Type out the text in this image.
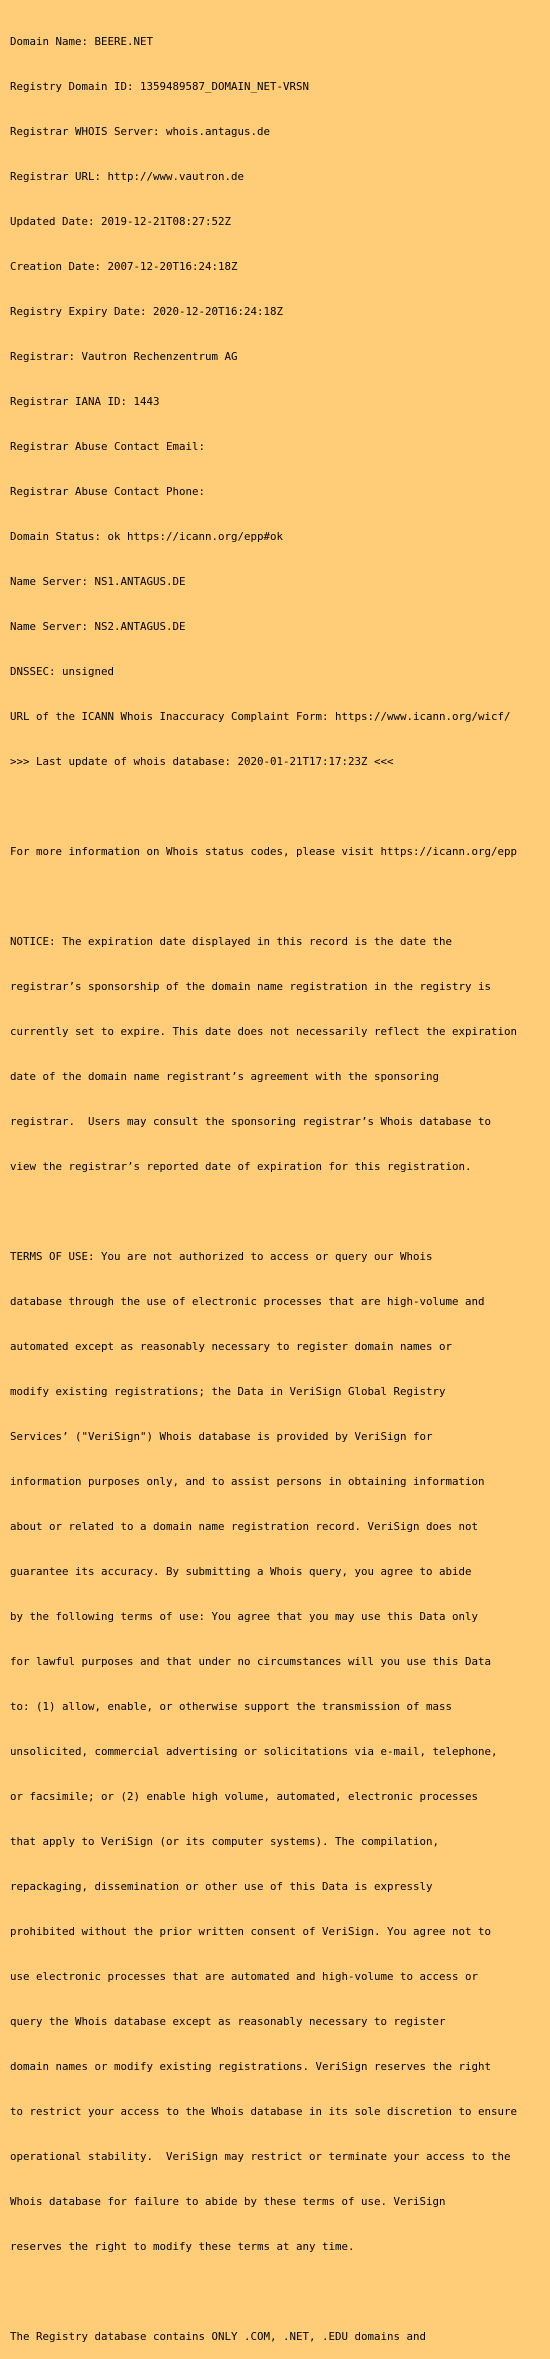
Domain Name: BEERE.NET

Registry Domain ID: 1359489587_DOMAIN_NET-VRSN

Registrar WHOIS Server: whois.antagus.de

Registrar URL: http://www.vautron.de

Updated Date: 2019-12-21T08:27:52Z

Creation Date: 2007-12-20T16:24:18Z

Registry Expiry Date: 2020-12-20T16:24:18Z

Registrar: Vautron Rechenzentrum AG

Registrar IANA ID: 1443

Registrar Abuse Contact Email:

Registrar Abuse Contact Phone:

Domain Status: ok https://icann.org/epp#ok

Name Server: NS1.ANTAGUS.DE

Name Server: NS2.ANTAGUS.DE

DNSSEC: unsigned

URL of the ICANN Whois Inaccuracy Complaint Form: https://www.icann.org/wicf/

>>> Last update of whois database: 2020-01-21T17:17:23Z <<<

For more information on Whois status codes, please visit https://icann.org/epp

NOTICE: The expiration date displayed in this record is the date the

registrar’s sponsorship of the domain name registration in the registry is

currently set to expire. This date does not necessarily reflect the expiration

date of the domain name registrant’s agreement with the sponsoring

registrar.  Users may consult the sponsoring registrar’s Whois database to

view the registrar’s reported date of expiration for this registration.

TERMS OF USE: You are not authorized to access or query our Whois

database through the use of electronic processes that are high-volume and

automated except as reasonably necessary to register domain names or

modify existing registrations; the Data in VeriSign Global Registry

Services’ ("VeriSign") Whois database is provided by VeriSign for

information purposes only, and to assist persons in obtaining information

about or related to a domain name registration record. VeriSign does not

guarantee its accuracy. By submitting a Whois query, you agree to abide

by the following terms of use: You agree that you may use this Data only

for lawful purposes and that under no circumstances will you use this Data

to: (1) allow, enable, or otherwise support the transmission of mass

unsolicited, commercial advertising or solicitations via e-mail, telephone,

or facsimile; or (2) enable high volume, automated, electronic processes

that apply to VeriSign (or its computer systems). The compilation,

repackaging, dissemination or other use of this Data is expressly

prohibited without the prior written consent of VeriSign. You agree not to

use electronic processes that are automated and high-volume to access or

query the Whois database except as reasonably necessary to register

domain names or modify existing registrations. VeriSign reserves the right

to restrict your access to the Whois database in its sole discretion to ensure

operational stability.  VeriSign may restrict or terminate your access to the

Whois database for failure to abide by these terms of use. VeriSign

reserves the right to modify these terms at any time.

The Registry database contains ONLY .COM, .NET, .EDU domains and
